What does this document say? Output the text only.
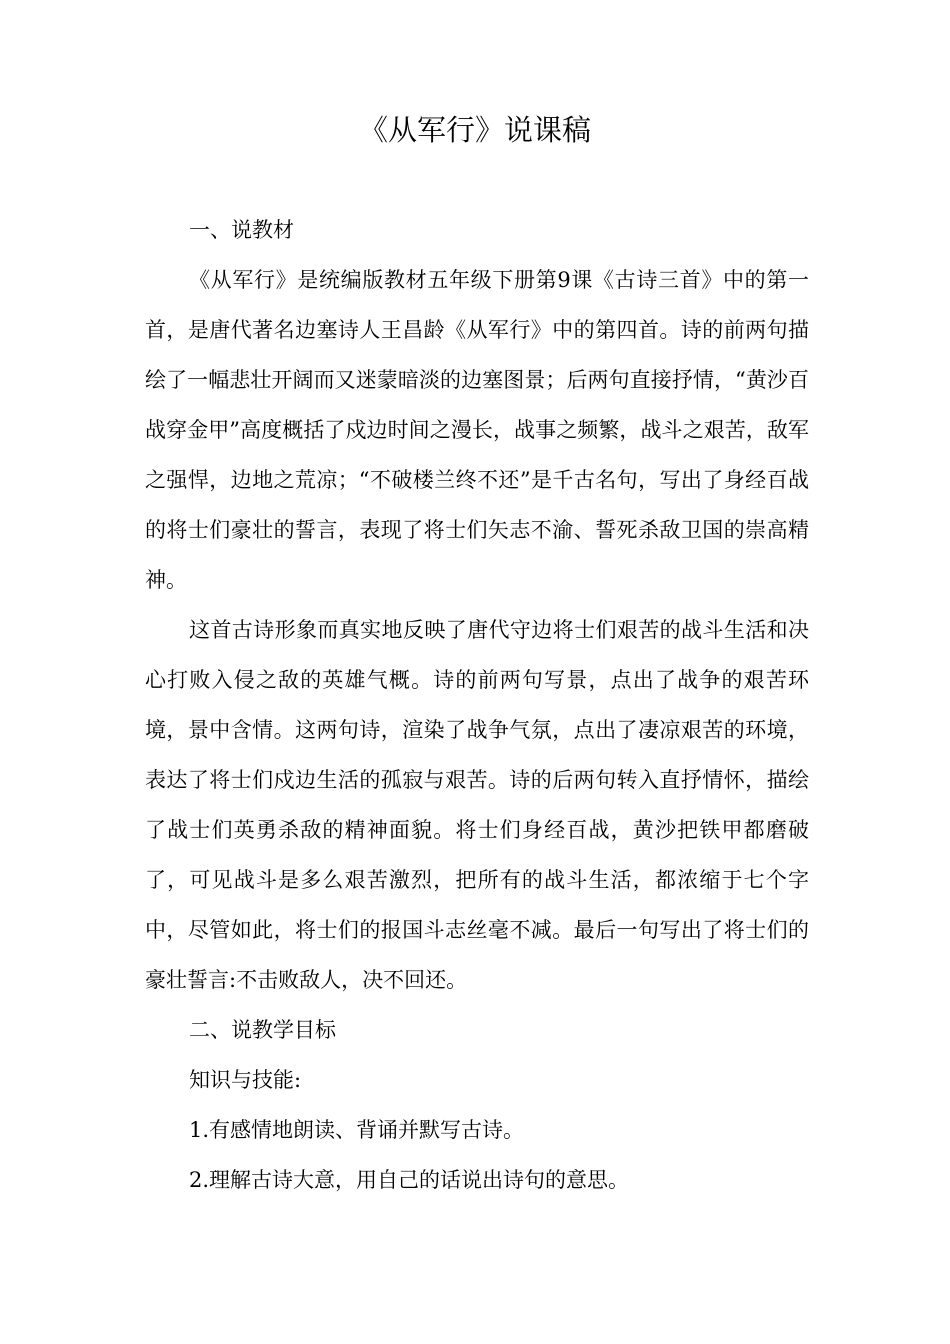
《从军行》说课稿

一、说教材

《从军行》是统编版教材五年级下册第9课《古诗三首》中的第一首，是唐代著名边塞诗人王昌龄《从军行》中的第四首。诗的前两句描绘了一幅悲壮开阔而又迷蒙暗淡的边塞图景；后两句直接抒情，“黄沙百战穿金甲”高度概括了戍边时间之漫长，战事之频繁，战斗之艰苦，敌军之强悍，边地之荒凉；“不破楼兰终不还”是千古名句，写出了身经百战的将士们豪壮的誓言，表现了将士们矢志不渝、誓死杀敌卫国的崇高精神。

这首古诗形象而真实地反映了唐代守边将士们艰苦的战斗生活和决心打败入侵之敌的英雄气概。诗的前两句写景，点出了战争的艰苦环境，景中含情。这两句诗，渲染了战争气氛，点出了凄凉艰苦的环境，表达了将士们戍边生活的孤寂与艰苦。诗的后两句转入直抒情怀，描绘了战士们英勇杀敌的精神面貌。将士们身经百战，黄沙把铁甲都磨破了，可见战斗是多么艰苦激烈，把所有的战斗生活，都浓缩于七个字中，尽管如此，将士们的报国斗志丝毫不减。最后一句写出了将士们的豪壮誓言:不击败敌人，决不回还。

二、说教学目标

知识与技能:

1.有感情地朗读、背诵并默写古诗。

2.理解古诗大意，用自己的话说出诗句的意思。
